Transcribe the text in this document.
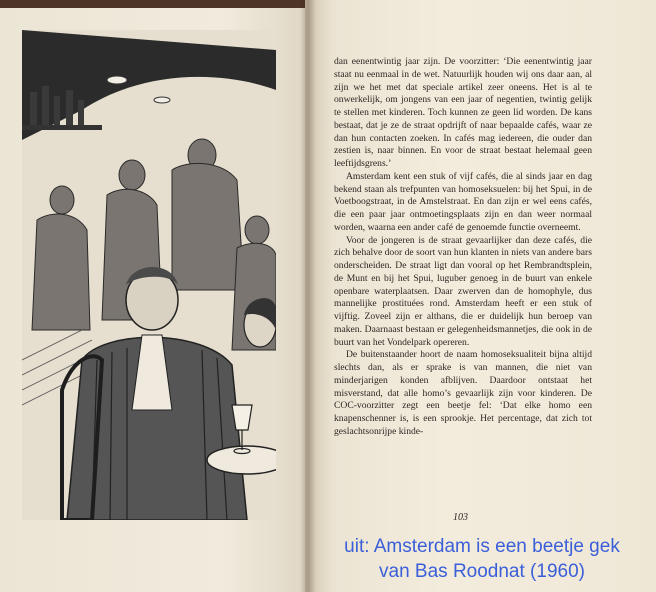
dan eenentwintig jaar zijn. De voorzitter: ‘Die eenentwintig jaar staat nu eenmaal in de wet. Natuurlijk houden wij ons daar aan, al zijn we het met dat speciale artikel zeer oneens. Het is al te onwerkelijk, om jongens van een jaar of negentien, twintig gelijk te stellen met kinderen. Toch kunnen ze geen lid worden. De kans bestaat, dat je ze de straat opdrijft of naar bepaalde cafés, waar ze dan hun contacten zoeken. In cafés mag iedereen, die ouder dan zestien is, naar binnen. En voor de straat bestaat helemaal geen leeftijdsgrens.’

Amsterdam kent een stuk of vijf cafés, die al sinds jaar en dag bekend staan als trefpunten van homoseksuelen: bij het Spui, in de Voetboogstraat, in de Amstelstraat. En dan zijn er wel eens cafés, die een paar jaar ontmoetingsplaats zijn en dan weer normaal worden, waarna een ander café de genoemde functie overneemt.

Voor de jongeren is de straat gevaarlijker dan deze cafés, die zich behalve door de soort van hun klanten in niets van andere bars onderscheiden. De straat ligt dan vooral op het Rembrandtsplein, de Munt en bij het Spui, luguber genoeg in de buurt van enkele openbare waterplaatsen. Daar zwerven dan de homophyle, dus mannelijke prostituées rond. Amsterdam heeft er een stuk of vijftig. Zoveel zijn er althans, die er duidelijk hun beroep van maken. Daarnaast bestaan er gelegenheidsmannetjes, die ook in de buurt van het Vondelpark opereren.

De buitenstaander hoort de naam homoseksualiteit bijna altijd slechts dan, als er sprake is van mannen, die niet van minderjarigen konden afblijven. Daardoor ontstaat het misverstand, dat alle homo’s gevaarlijk zijn voor kinderen. De COC-voorzitter zegt een beetje fel: ‘Dat elke homo een knapenschenner is, is een sprookje. Het percentage, dat zich tot geslachtsonrijpe kinde-

103
uit: Amsterdam is een beetje gek
van Bas Roodnat (1960)
